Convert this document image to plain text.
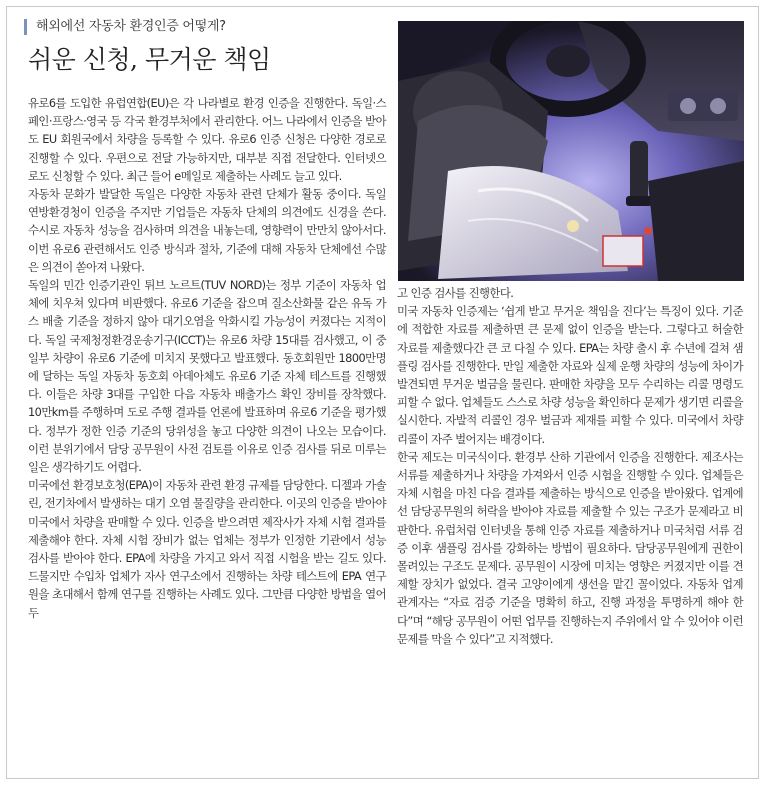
해외에선 자동차 환경인증 어떻게?
쉬운 신청, 무거운 책임

유로6를 도입한 유럽연합(EU)은 각 나라별로 환경 인증을 진행한다. 독일·스페인·프랑스·영국 등 각국 환경부처에서 관리한다. 어느 나라에서 인증을 받아도 EU 회원국에서 차량을 등록할 수 있다. 유로6 인증 신청은 다양한 경로로 진행할 수 있다. 우편으로 전달 가능하지만, 대부분 직접 전달한다. 인터넷으로도 신청할 수 있다. 최근 들어 e메일로 제출하는 사례도 늘고 있다.

자동차 문화가 발달한 독일은 다양한 자동차 관련 단체가 활동 중이다. 독일 연방환경청이 인증을 주지만 기업들은 자동차 단체의 의견에도 신경을 쓴다. 수시로 자동차 성능을 검사하며 의견을 내놓는데, 영향력이 만만치 않아서다. 이번 유로6 관련해서도 인증 방식과 절차, 기준에 대해 자동차 단체에선 수많은 의견이 쏟아져 나왔다.

독일의 민간 인증기관인 튀브 노르트(TUV NORD)는 정부 기준이 자동차 업체에 치우쳐 있다며 비판했다. 유로6 기준을 잡으며 질소산화물 같은 유독 가스 배출 기준을 정하지 않아 대기오염을 악화시킬 가능성이 커졌다는 지적이다. 독일 국제청정환경운송기구(ICCT)는 유로6 차량 15대를 검사했고, 이 중 일부 차량이 유로6 기준에 미치지 못했다고 발표했다. 동호회원만 1800만명에 달하는 독일 자동차 동호회 아데아체도 유로6 기준 자체 테스트를 진행했다. 이들은 차량 3대를 구입한 다음 자동차 배출가스 확인 장비를 장착했다. 10만km를 주행하며 도로 주행 결과를 언론에 발표하며 유로6 기준을 평가했다. 정부가 정한 인증 기준의 당위성을 놓고 다양한 의견이 나오는 모습이다. 이런 분위기에서 담당 공무원이 사전 검토를 이유로 인증 검사를 뒤로 미루는 일은 생각하기도 어렵다.

미국에선 환경보호청(EPA)이 자동차 관련 환경 규제를 담당한다. 디젤과 가솔린, 전기차에서 발생하는 대기 오염 물질량을 관리한다. 이곳의 인증을 받아야 미국에서 차량을 판매할 수 있다. 인증을 받으려면 제작사가 자체 시험 결과를 제출해야 한다. 자체 시험 장비가 없는 업체는 정부가 인정한 기관에서 성능 검사를 받아야 한다. EPA에 차량을 가지고 와서 직접 시험을 받는 길도 있다. 드물지만 수입차 업체가 자사 연구소에서 진행하는 차량 테스트에 EPA 연구원을 초대해서 함께 연구를 진행하는 사례도 있다. 그만큼 다양한 방법을 열어두

고 인증 검사를 진행한다.

미국 자동차 인증제는 ‘쉽게 받고 무거운 책임을 진다’는 특징이 있다. 기준에 적합한 자료를 제출하면 큰 문제 없이 인증을 받는다. 그렇다고 허술한 자료를 제출했다간 큰 코 다칠 수 있다. EPA는 차량 출시 후 수년에 걸쳐 샘플링 검사를 진행한다. 만일 제출한 자료와 실제 운행 차량의 성능에 차이가 발견되면 무거운 벌금을 물린다. 판매한 차량을 모두 수리하는 리콜 명령도 피할 수 없다. 업체들도 스스로 차량 성능을 확인하다 문제가 생기면 리콜을 실시한다. 자발적 리콜인 경우 벌금과 제재를 피할 수 있다. 미국에서 차량 리콜이 자주 벌어지는 배경이다.

한국 제도는 미국식이다. 환경부 산하 기관에서 인증을 진행한다. 제조사는 서류를 제출하거나 차량을 가져와서 인증 시험을 진행할 수 있다. 업체들은 자체 시험을 마친 다음 결과를 제출하는 방식으로 인증을 받아왔다. 업계에선 담당공무원의 허락을 받아야 자료를 제출할 수 있는 구조가 문제라고 비판한다. 유럽처럼 인터넷을 통해 인증 자료를 제출하거나 미국처럼 서류 검증 이후 샘플링 검사를 강화하는 방법이 필요하다. 담당공무원에게 권한이 몰려있는 구조도 문제다. 공무원이 시장에 미치는 영향은 커졌지만 이를 견제할 장치가 없었다. 결국 고양이에게 생선을 맡긴 꼴이었다. 자동차 업계 관계자는 “자료 검증 기준을 명확히 하고, 진행 과정을 투명하게 해야 한다”며 “해당 공무원이 어떤 업무를 진행하는지 주위에서 알 수 있어야 이런 문제를 막을 수 있다”고 지적했다.
